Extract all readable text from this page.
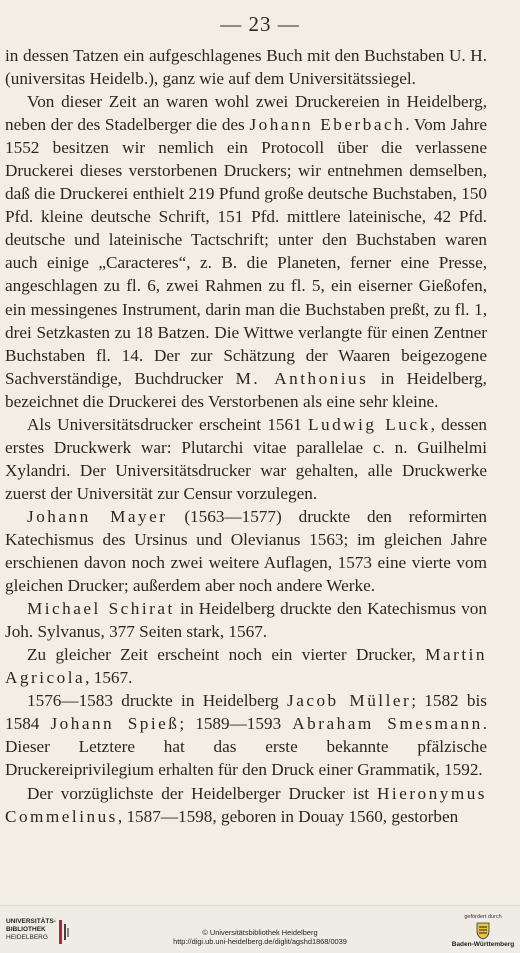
— 23 —

in dessen Tatzen ein aufgeschlagenes Buch mit den Buchstaben U. H. (universitas Heidelb.), ganz wie auf dem Universitätssiegel.

Von dieser Zeit an waren wohl zwei Druckereien in Heidelberg, neben der des Stadelberger die des Johann Eberbach. Vom Jahre 1552 besitzen wir nemlich ein Protocoll über die verlassene Druckerei dieses verstorbenen Druckers; wir entnehmen demselben, daß die Druckerei enthielt 219 Pfund große deutsche Buchstaben, 150 Pfd. kleine deutsche Schrift, 151 Pfd. mittlere lateinische, 42 Pfd. deutsche und lateinische Tactschrift; unter den Buchstaben waren auch einige „Caracteres“, z. B. die Planeten, ferner eine Presse, angeschlagen zu fl. 6, zwei Rahmen zu fl. 5, ein eiserner Gießofen, ein messingenes Instrument, darin man die Buchstaben preßt, zu fl. 1, drei Setzkasten zu 18 Batzen. Die Wittwe verlangte für einen Zentner Buchstaben fl. 14. Der zur Schätzung der Waaren beigezogene Sachverständige, Buchdrucker M. Anthonius in Heidelberg, bezeichnet die Druckerei des Verstorbenen als eine sehr kleine.

Als Universitätsdrucker erscheint 1561 Ludwig Luck, dessen erstes Druckwerk war: Plutarchi vitae parallelae c. n. Guilhelmi Xylandri. Der Universitätsdrucker war gehalten, alle Druckwerke zuerst der Universität zur Censur vorzulegen.

Johann Mayer (1563—1577) druckte den reformirten Katechismus des Ursinus und Olevianus 1563; im gleichen Jahre erschienen davon noch zwei weitere Auflagen, 1573 eine vierte vom gleichen Drucker; außerdem aber noch andere Werke.

Michael Schirat in Heidelberg druckte den Katechismus von Joh. Sylvanus, 377 Seiten stark, 1567.

Zu gleicher Zeit erscheint noch ein vierter Drucker, Martin Agricola, 1567.

1576—1583 druckte in Heidelberg Jacob Müller; 1582 bis 1584 Johann Spieß; 1589—1593 Abraham Smesmann. Dieser Letztere hat das erste bekannte pfälzische Druckereiprivilegium erhalten für den Druck einer Grammatik, 1592.

Der vorzüglichste der Heidelberger Drucker ist Hieronymus Commelinus, 1587—1598, geboren in Douay 1560, gestorben

UNIVERSITÄTS-
BIBLIOTHEK
HEIDELBERG
© Universitätsbibliothek Heidelberg
http://digi.ub.uni-heidelberg.de/diglit/agshd1868/0039
gefördert durch
Baden-Württemberg
